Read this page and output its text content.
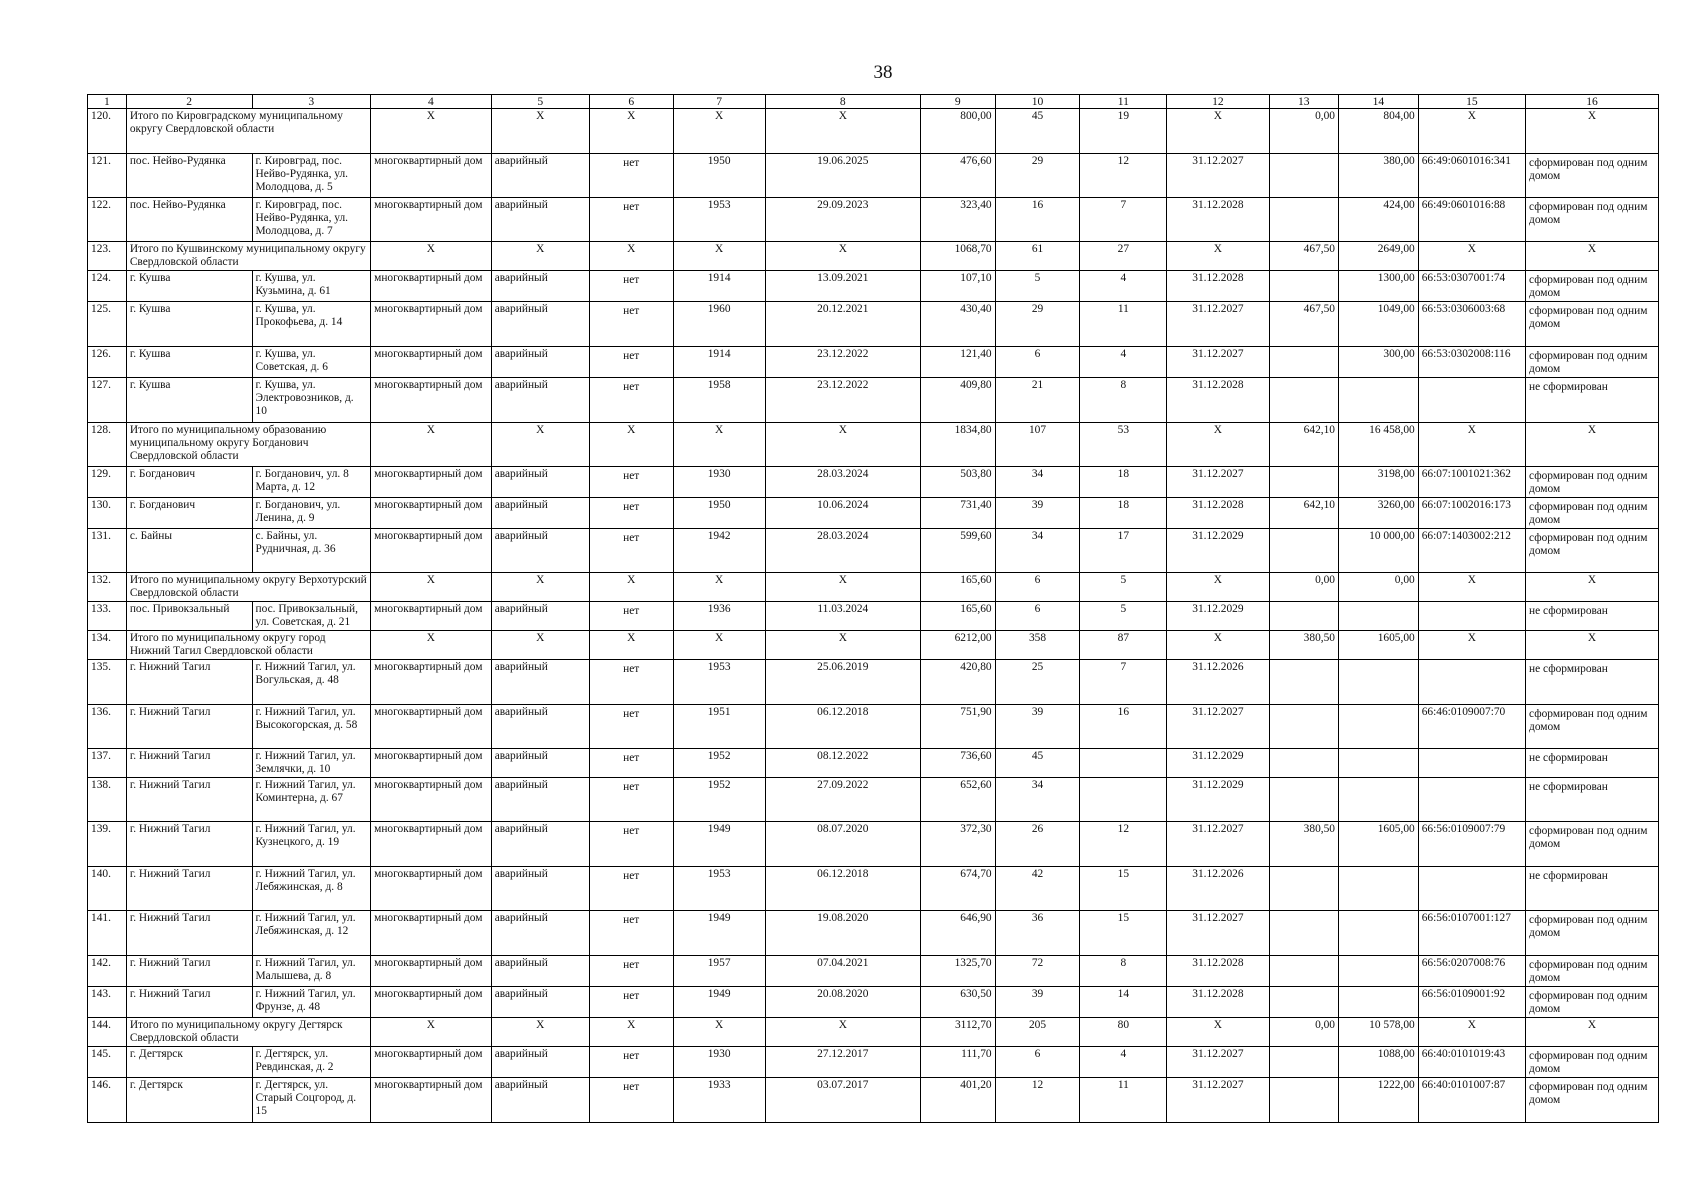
38
1	2	3	4	5	6	7	8	9	10	11	12	13	14	15	16
120.	Итого по Кировградскому муниципальному округу Свердловской области		Х	Х	Х	Х	Х	800,00	45	19	Х	0,00	804,00	Х	Х
121.	пос. Нейво-Рудянка	г. Кировград, пос. Нейво-Рудянка, ул. Молодцова, д. 5	многоквартирный дом	аварийный	нет	1950	19.06.2025	476,60	29	12	31.12.2027		380,00	66:49:0601016:341	сформирован под одним домом
122.	пос. Нейво-Рудянка	г. Кировград, пос. Нейво-Рудянка, ул. Молодцова, д. 7	многоквартирный дом	аварийный	нет	1953	29.09.2023	323,40	16	7	31.12.2028		424,00	66:49:0601016:88	сформирован под одним домом
123.	Итого по Кушвинскому муниципальному округу Свердловской области		Х	Х	Х	Х	Х	1068,70	61	27	Х	467,50	2649,00	Х	Х
124.	г. Кушва	г. Кушва, ул. Кузьмина, д. 61	многоквартирный дом	аварийный	нет	1914	13.09.2021	107,10	5	4	31.12.2028		1300,00	66:53:0307001:74	сформирован под одним домом
125.	г. Кушва	г. Кушва, ул. Прокофьева, д. 14	многоквартирный дом	аварийный	нет	1960	20.12.2021	430,40	29	11	31.12.2027	467,50	1049,00	66:53:0306003:68	сформирован под одним домом
126.	г. Кушва	г. Кушва, ул. Советская, д. 6	многоквартирный дом	аварийный	нет	1914	23.12.2022	121,40	6	4	31.12.2027		300,00	66:53:0302008:116	сформирован под одним домом
127.	г. Кушва	г. Кушва, ул. Электровозников, д. 10	многоквартирный дом	аварийный	нет	1958	23.12.2022	409,80	21	8	31.12.2028				не сформирован
128.	Итого по муниципальному образованию муниципальному округу Богданович Свердловской области		Х	Х	Х	Х	Х	1834,80	107	53	Х	642,10	16 458,00	Х	Х
129.	г. Богданович	г. Богданович, ул. 8 Марта, д. 12	многоквартирный дом	аварийный	нет	1930	28.03.2024	503,80	34	18	31.12.2027		3198,00	66:07:1001021:362	сформирован под одним домом
130.	г. Богданович	г. Богданович, ул. Ленина, д. 9	многоквартирный дом	аварийный	нет	1950	10.06.2024	731,40	39	18	31.12.2028	642,10	3260,00	66:07:1002016:173	сформирован под одним домом
131.	с. Байны	с. Байны, ул. Рудничная, д. 36	многоквартирный дом	аварийный	нет	1942	28.03.2024	599,60	34	17	31.12.2029		10 000,00	66:07:1403002:212	сформирован под одним домом
132.	Итого по муниципальному округу Верхотурский Свердловской области		Х	Х	Х	Х	Х	165,60	6	5	Х	0,00	0,00	Х	Х
133.	пос. Привокзальный	пос. Привокзальный, ул. Советская, д. 21	многоквартирный дом	аварийный	нет	1936	11.03.2024	165,60	6	5	31.12.2029				не сформирован
134.	Итого по муниципальному округу город Нижний Тагил Свердловской области		Х	Х	Х	Х	Х	6212,00	358	87	Х	380,50	1605,00	Х	Х
135.	г. Нижний Тагил	г. Нижний Тагил, ул. Вогульская, д. 48	многоквартирный дом	аварийный	нет	1953	25.06.2019	420,80	25	7	31.12.2026				не сформирован
136.	г. Нижний Тагил	г. Нижний Тагил, ул. Высокогорская, д. 58	многоквартирный дом	аварийный	нет	1951	06.12.2018	751,90	39	16	31.12.2027			66:46:0109007:70	сформирован под одним домом
137.	г. Нижний Тагил	г. Нижний Тагил, ул. Землячки, д. 10	многоквартирный дом	аварийный	нет	1952	08.12.2022	736,60	45		31.12.2029				не сформирован
138.	г. Нижний Тагил	г. Нижний Тагил, ул. Коминтерна, д. 67	многоквартирный дом	аварийный	нет	1952	27.09.2022	652,60	34		31.12.2029				не сформирован
139.	г. Нижний Тагил	г. Нижний Тагил, ул. Кузнецкого, д. 19	многоквартирный дом	аварийный	нет	1949	08.07.2020	372,30	26	12	31.12.2027	380,50	1605,00	66:56:0109007:79	сформирован под одним домом
140.	г. Нижний Тагил	г. Нижний Тагил, ул. Лебяжинская, д. 8	многоквартирный дом	аварийный	нет	1953	06.12.2018	674,70	42	15	31.12.2026				не сформирован
141.	г. Нижний Тагил	г. Нижний Тагил, ул. Лебяжинская, д. 12	многоквартирный дом	аварийный	нет	1949	19.08.2020	646,90	36	15	31.12.2027			66:56:0107001:127	сформирован под одним домом
142.	г. Нижний Тагил	г. Нижний Тагил, ул. Малышева, д. 8	многоквартирный дом	аварийный	нет	1957	07.04.2021	1325,70	72	8	31.12.2028			66:56:0207008:76	сформирован под одним домом
143.	г. Нижний Тагил	г. Нижний Тагил, ул. Фрунзе, д. 48	многоквартирный дом	аварийный	нет	1949	20.08.2020	630,50	39	14	31.12.2028			66:56:0109001:92	сформирован под одним домом
144.	Итого по муниципальному округу Дегтярск Свердловской области		Х	Х	Х	Х	Х	3112,70	205	80	Х	0,00	10 578,00	Х	Х
145.	г. Дегтярск	г. Дегтярск, ул. Ревдинская, д. 2	многоквартирный дом	аварийный	нет	1930	27.12.2017	111,70	6	4	31.12.2027		1088,00	66:40:0101019:43	сформирован под одним домом
146.	г. Дегтярск	г. Дегтярск, ул. Старый Соцгород, д. 15	многоквартирный дом	аварийный	нет	1933	03.07.2017	401,20	12	11	31.12.2027		1222,00	66:40:0101007:87	сформирован под одним домом
